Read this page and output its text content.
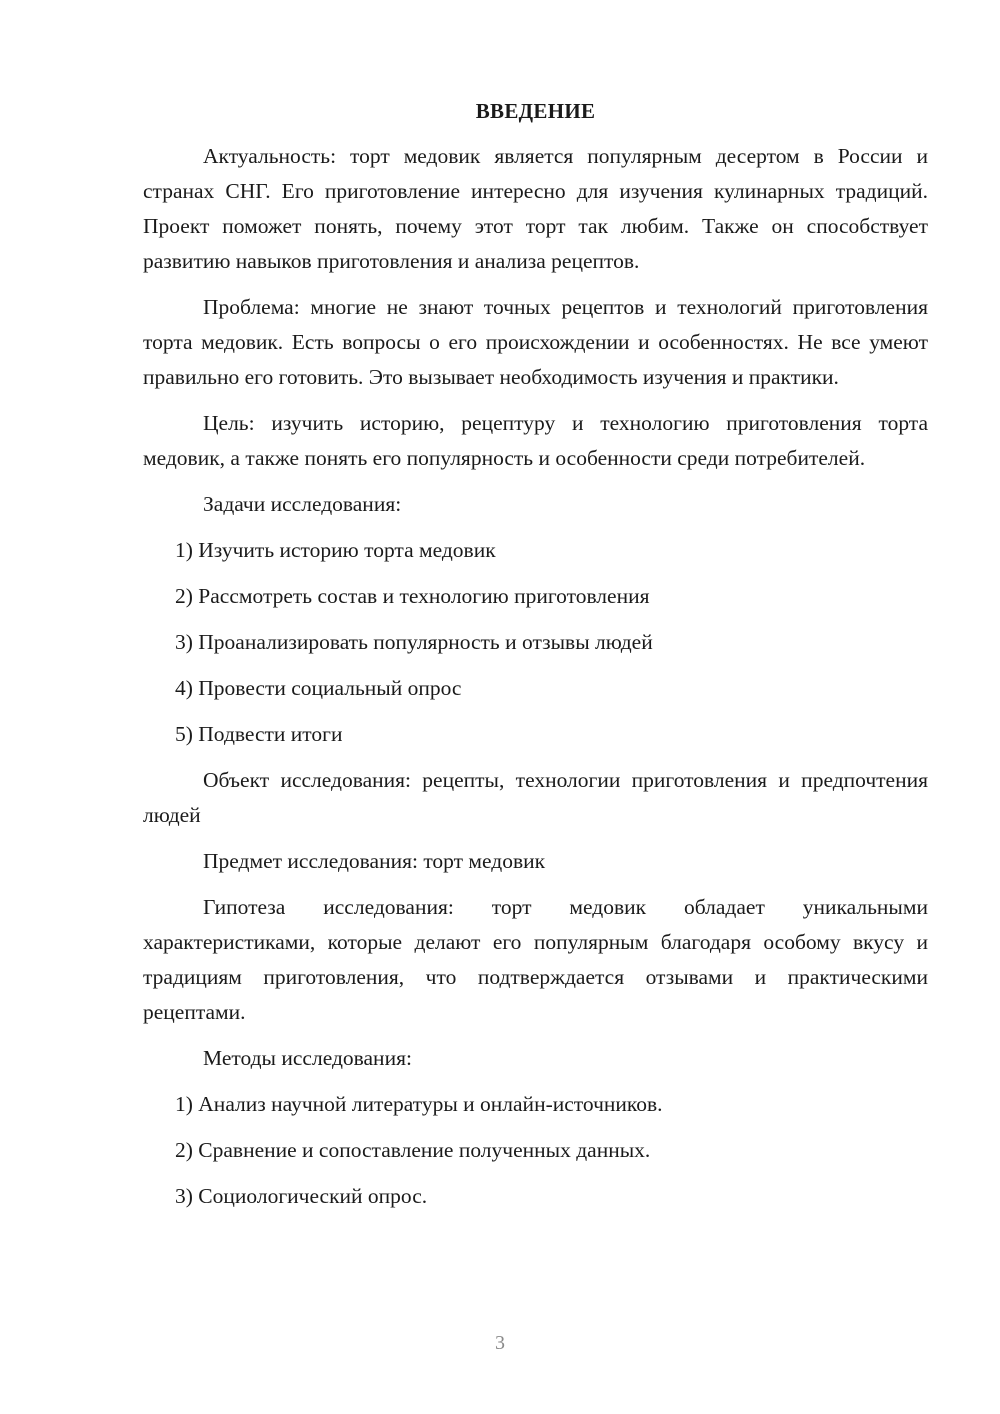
ВВЕДЕНИЕ

Актуальность: торт медовик является популярным десертом в России и странах СНГ. Его приготовление интересно для изучения кулинарных традиций. Проект поможет понять, почему этот торт так любим. Также он способствует развитию навыков приготовления и анализа рецептов.

Проблема: многие не знают точных рецептов и технологий приготовления торта медовик. Есть вопросы о его происхождении и особенностях. Не все умеют правильно его готовить. Это вызывает необходимость изучения и практики.

Цель: изучить историю, рецептуру и технологию приготовления торта медовик, а также понять его популярность и особенности среди потребителей.

Задачи исследования:
1) Изучить историю торта медовик
2) Рассмотреть состав и технологию приготовления
3) Проанализировать популярность и отзывы людей
4) Провести социальный опрос
5) Подвести итоги

Объект исследования: рецепты, технологии приготовления и предпочтения людей

Предмет исследования: торт медовик

Гипотеза исследования: торт медовик обладает уникальными характеристиками, которые делают его популярным благодаря особому вкусу и традициям приготовления, что подтверждается отзывами и практическими рецептами.

Методы исследования:
1) Анализ научной литературы и онлайн-источников.
2) Сравнение и сопоставление полученных данных.
3) Социологический опрос.
3
